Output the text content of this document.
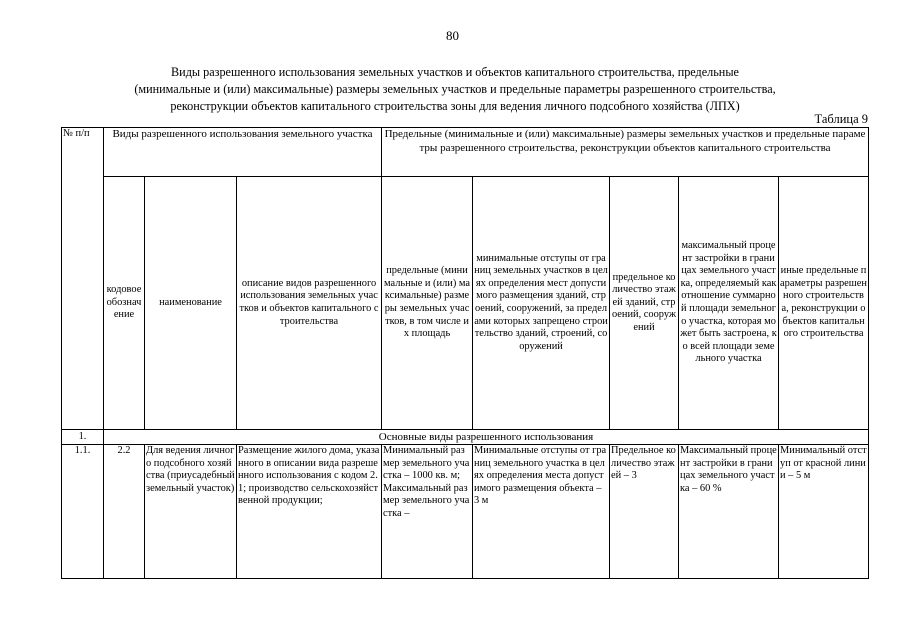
80
Виды разрешенного использования земельных участков и объектов капитального строительства, предельные
(минимальные и (или) максимальные) размеры земельных участков и предельные параметры разрешенного строительства,
реконструкции объектов капитального строительства зоны для ведения личного подсобного хозяйства (ЛПХ)
Таблица 9
№ п/п	Виды разрешенного использования земельного участка			Предельные (минимальные и (или) максимальные) размеры земельных участков и предельные параметры разрешенного строительства, реконструкции объектов капитального строительства				
	кодовое обозначение	наименование	описание видов разрешенного использования земельных участков и объектов капитального строительства	предельные (минимальные и (или) максимальные) размеры земельных участков, в том числе их площадь	минимальные отступы от границ земельных участков в целях определения мест допустимого размещения зданий, строений, сооружений, за пределами которых запрещено строительство зданий, строений, сооружений	предельное количество этажей зданий, строений, сооружений	максимальный процент застройки в границах земельного участка, определяемый как отношение суммарной площади земельного участка, которая может быть застроена, ко всей площади земельного участка	иные предельные параметры разрешенного строительства, реконструкции объектов капитального строительства
1.	Основные виды разрешенного использования							
1.1.	2.2	Для ведения личного подсобного хозяйства (приусадебный земельный участок)	Размещение жилого дома, указанного в описании вида разрешенного использования с кодом 2.1; производство сельскохозяйственной продукции;	Минимальный размер земельного участка – 1000 кв. м; Максимальный размер земельного участка –	Минимальные отступы от границ земельного участка в целях определения места допустимого размещения объекта – 3 м	Предельное количество этажей – 3	Максимальный процент застройки в границах земельного участка – 60 %	Минимальный отступ от красной линии – 5 м
